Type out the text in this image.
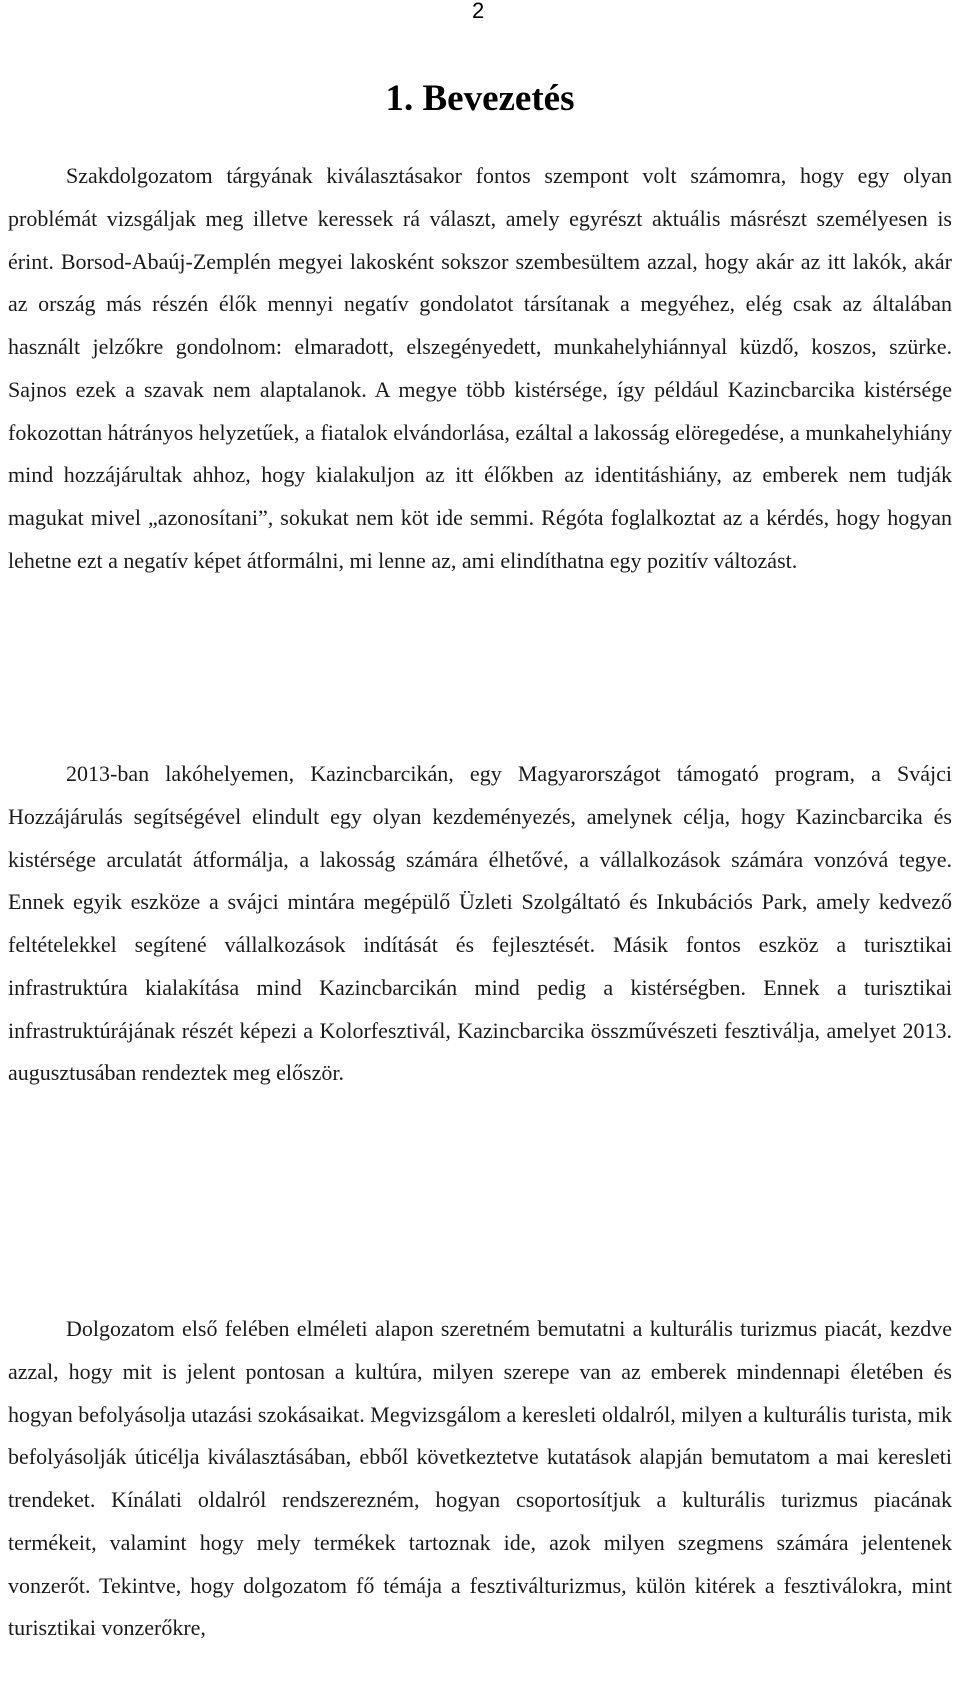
2
1. Bevezetés

Szakdolgozatom tárgyának kiválasztásakor fontos szempont volt számomra, hogy egy olyan problémát vizsgáljak meg illetve keressek rá választ, amely egyrészt aktuális másrészt személyesen is érint. Borsod-Abaúj-Zemplén megyei lakosként sokszor szembesültem azzal, hogy akár az itt lakók, akár az ország más részén élők mennyi negatív gondolatot társítanak a megyéhez, elég csak az általában használt jelzőkre gondolnom: elmaradott, elszegényedett, munkahelyhiánnyal küzdő, koszos, szürke. Sajnos ezek a szavak nem alaptalanok. A megye több kistérsége, így például Kazincbarcika kistérsége fokozottan hátrányos helyzetűek, a fiatalok elvándorlása, ezáltal a lakosság elöregedése, a munkahelyhiány mind hozzájárultak ahhoz, hogy kialakuljon az itt élőkben az identitáshiány, az emberek nem tudják magukat mivel „azonosítani”, sokukat nem köt ide semmi. Régóta foglalkoztat az a kérdés, hogy hogyan lehetne ezt a negatív képet átformálni, mi lenne az, ami elindíthatna egy pozitív változást.

2013-ban lakóhelyemen, Kazincbarcikán, egy Magyarországot támogató program, a Svájci Hozzájárulás segítségével elindult egy olyan kezdeményezés, amelynek célja, hogy Kazincbarcika és kistérsége arculatát átformálja, a lakosság számára élhetővé, a vállalkozások számára vonzóvá tegye. Ennek egyik eszköze a svájci mintára megépülő Üzleti Szolgáltató és Inkubációs Park, amely kedvező feltételekkel segítené vállalkozások indítását és fejlesztését. Másik fontos eszköz a turisztikai infrastruktúra kialakítása mind Kazincbarcikán mind pedig a kistérségben. Ennek a turisztikai infrastruktúrájának részét képezi a Kolorfesztivál, Kazincbarcika összművészeti fesztiválja, amelyet 2013. augusztusában rendeztek meg először.

Dolgozatom első felében elméleti alapon szeretném bemutatni a kulturális turizmus piacát, kezdve azzal, hogy mit is jelent pontosan a kultúra, milyen szerepe van az emberek mindennapi életében és hogyan befolyásolja utazási szokásaikat. Megvizsgálom a keresleti oldalról, milyen a kulturális turista, mik befolyásolják úticélja kiválasztásában, ebből következtetve kutatások alapján bemutatom a mai keresleti trendeket. Kínálati oldalról rendszerezném, hogyan csoportosítjuk a kulturális turizmus piacának termékeit, valamint hogy mely termékek tartoznak ide, azok milyen szegmens számára jelentenek vonzerőt. Tekintve, hogy dolgozatom fő témája a fesztiválturizmus, külön kitérek a fesztiválokra, mint turisztikai vonzerőkre,
